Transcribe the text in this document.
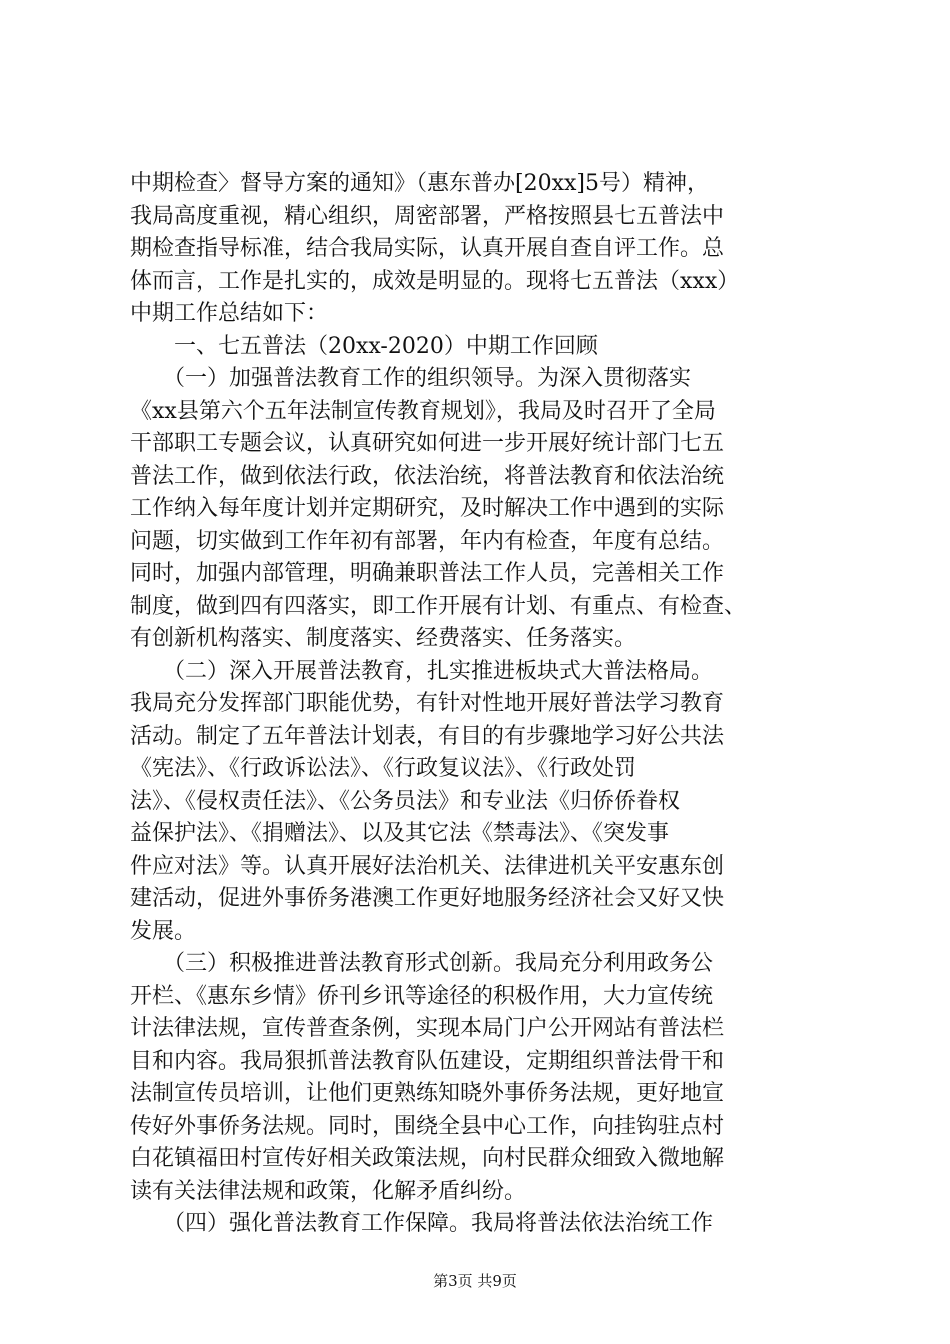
中期检查〉督导方案的通知》（惠东普办[20xx]5号）精神，
我局高度重视，精心组织，周密部署，严格按照县七五普法中
期检查指导标准，结合我局实际，认真开展自查自评工作。总
体而言，工作是扎实的，成效是明显的。现将七五普法（xxx）
中期工作总结如下：
　　一、七五普法（20xx-2020）中期工作回顾
　　（一）加强普法教育工作的组织领导。为深入贯彻落实
《xx县第六个五年法制宣传教育规划》，我局及时召开了全局
干部职工专题会议，认真研究如何进一步开展好统计部门七五
普法工作，做到依法行政，依法治统，将普法教育和依法治统
工作纳入每年度计划并定期研究，及时解决工作中遇到的实际
问题，切实做到工作年初有部署，年内有检查，年度有总结。
同时，加强内部管理，明确兼职普法工作人员，完善相关工作
制度，做到四有四落实，即工作开展有计划、有重点、有检查、
有创新机构落实、制度落实、经费落实、任务落实。
　　（二）深入开展普法教育，扎实推进板块式大普法格局。
我局充分发挥部门职能优势，有针对性地开展好普法学习教育
活动。制定了五年普法计划表，有目的有步骤地学习好公共法
《宪法》、《行政诉讼法》、《行政复议法》、《行政处罚
法》、《侵权责任法》、《公务员法》和专业法《归侨侨眷权
益保护法》、《捐赠法》、以及其它法《禁毒法》、《突发事
件应对法》等。认真开展好法治机关、法律进机关平安惠东创
建活动，促进外事侨务港澳工作更好地服务经济社会又好又快
发展。
　　（三）积极推进普法教育形式创新。我局充分利用政务公
开栏、《惠东乡情》侨刊乡讯等途径的积极作用，大力宣传统
计法律法规，宣传普查条例，实现本局门户公开网站有普法栏
目和内容。我局狠抓普法教育队伍建设，定期组织普法骨干和
法制宣传员培训，让他们更熟练知晓外事侨务法规，更好地宣
传好外事侨务法规。同时，围绕全县中心工作，向挂钩驻点村
白花镇福田村宣传好相关政策法规，向村民群众细致入微地解
读有关法律法规和政策，化解矛盾纠纷。
　　（四）强化普法教育工作保障。我局将普法依法治统工作
第3页 共9页
